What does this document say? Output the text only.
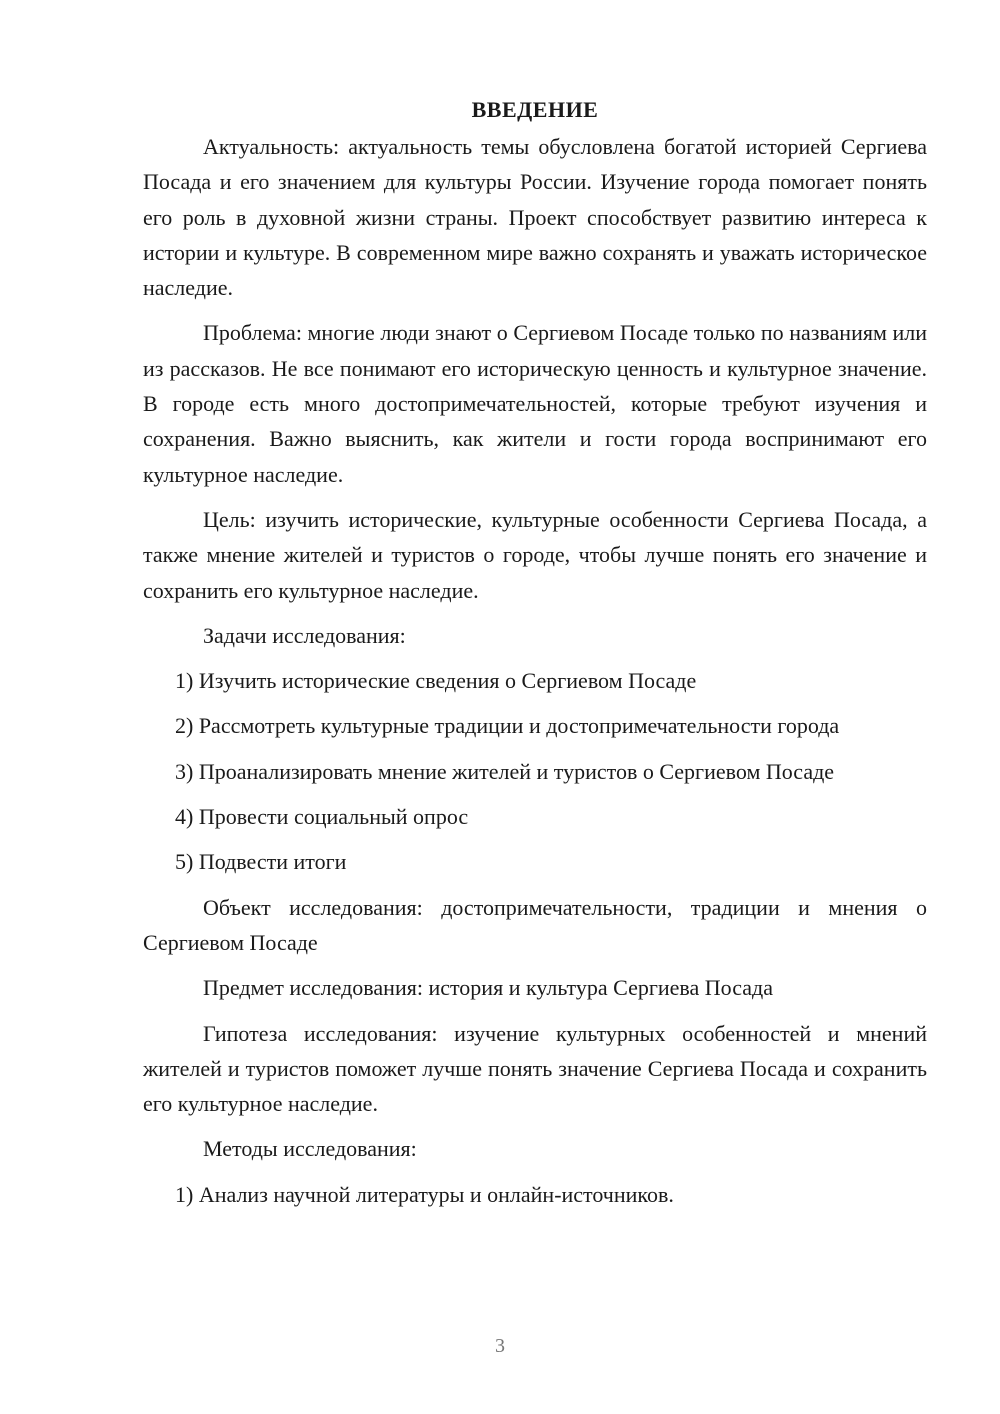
ВВЕДЕНИЕ

Актуальность: актуальность темы обусловлена богатой историей Сергиева Посада и его значением для культуры России. Изучение города помогает понять его роль в духовной жизни страны. Проект способствует развитию интереса к истории и культуре. В современном мире важно сохранять и уважать историческое наследие.

Проблема: многие люди знают о Сергиевом Посаде только по названиям или из рассказов. Не все понимают его историческую ценность и культурное значение. В городе есть много достопримечательностей, которые требуют изучения и сохранения. Важно выяснить, как жители и гости города воспринимают его культурное наследие.

Цель: изучить исторические, культурные особенности Сергиева Посада, а также мнение жителей и туристов о городе, чтобы лучше понять его значение и сохранить его культурное наследие.

Задачи исследования:

1) Изучить исторические сведения о Сергиевом Посаде

2) Рассмотреть культурные традиции и достопримечательности города

3) Проанализировать мнение жителей и туристов о Сергиевом Посаде

4) Провести социальный опрос

5) Подвести итоги

Объект исследования: достопримечательности, традиции и мнения о Сергиевом Посаде

Предмет исследования: история и культура Сергиева Посада

Гипотеза исследования: изучение культурных особенностей и мнений жителей и туристов поможет лучше понять значение Сергиева Посада и сохранить его культурное наследие.

Методы исследования:

1) Анализ научной литературы и онлайн-источников.

3
